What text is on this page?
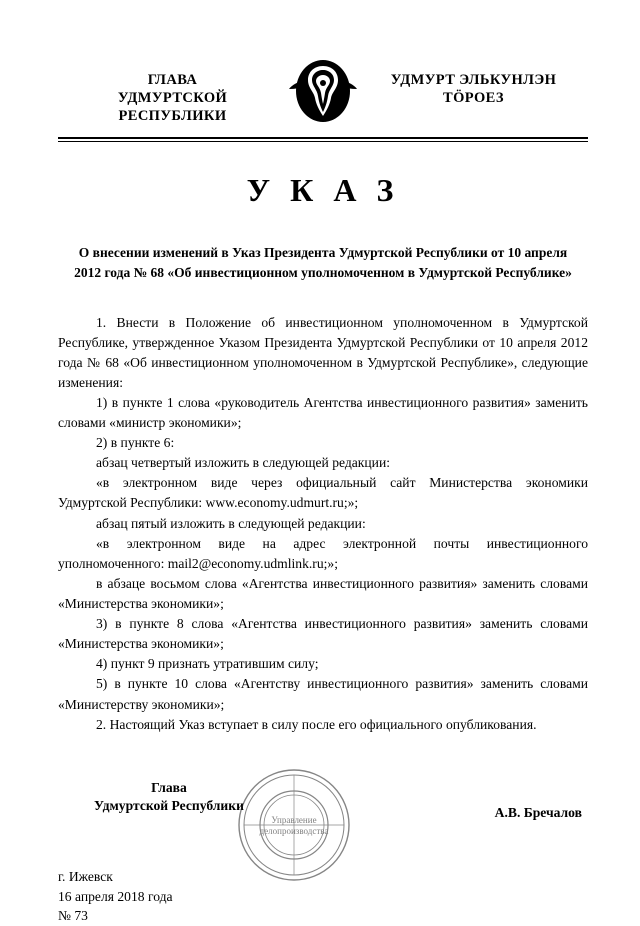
ГЛАВА
УДМУРТСКОЙ РЕСПУБЛИКИ
УДМУРТ ЭЛЬКУНЛЭН
ТӦРОЕЗ
У К А З
О внесении изменений в Указ Президента Удмуртской Республики от 10 апреля 2012 года № 68 «Об инвестиционном уполномоченном в Удмуртской Республике»

1. Внести в Положение об инвестиционном уполномоченном в Удмуртской Республике, утвержденное Указом Президента Удмуртской Республики от 10 апреля 2012 года № 68 «Об инвестиционном уполномоченном в Удмуртской Республике», следующие изменения:

1) в пункте 1 слова «руководитель Агентства инвестиционного развития» заменить словами «министр экономики»;

2) в пункте 6:

абзац четвертый изложить в следующей редакции:

«в электронном виде через официальный сайт Министерства экономики Удмуртской Республики: www.economy.udmurt.ru;»;

абзац пятый изложить в следующей редакции:

«в электронном виде на адрес электронной почты инвестиционного уполномоченного: mail2@economy.udmlink.ru;»;

в абзаце восьмом слова «Агентства инвестиционного развития» заменить словами «Министерства экономики»;

3) в пункте 8 слова «Агентства инвестиционного развития» заменить словами «Министерства экономики»;

4) пункт 9 признать утратившим силу;

5) в пункте 10 слова «Агентству инвестиционного развития» заменить словами «Министерству экономики»;

2. Настоящий Указ вступает в силу после его официального опубликования.

Глава
Удмуртской Республики
Управление
делопроизводства
А.В. Бречалов
г. Ижевск
16 апреля 2018 года
№ 73
